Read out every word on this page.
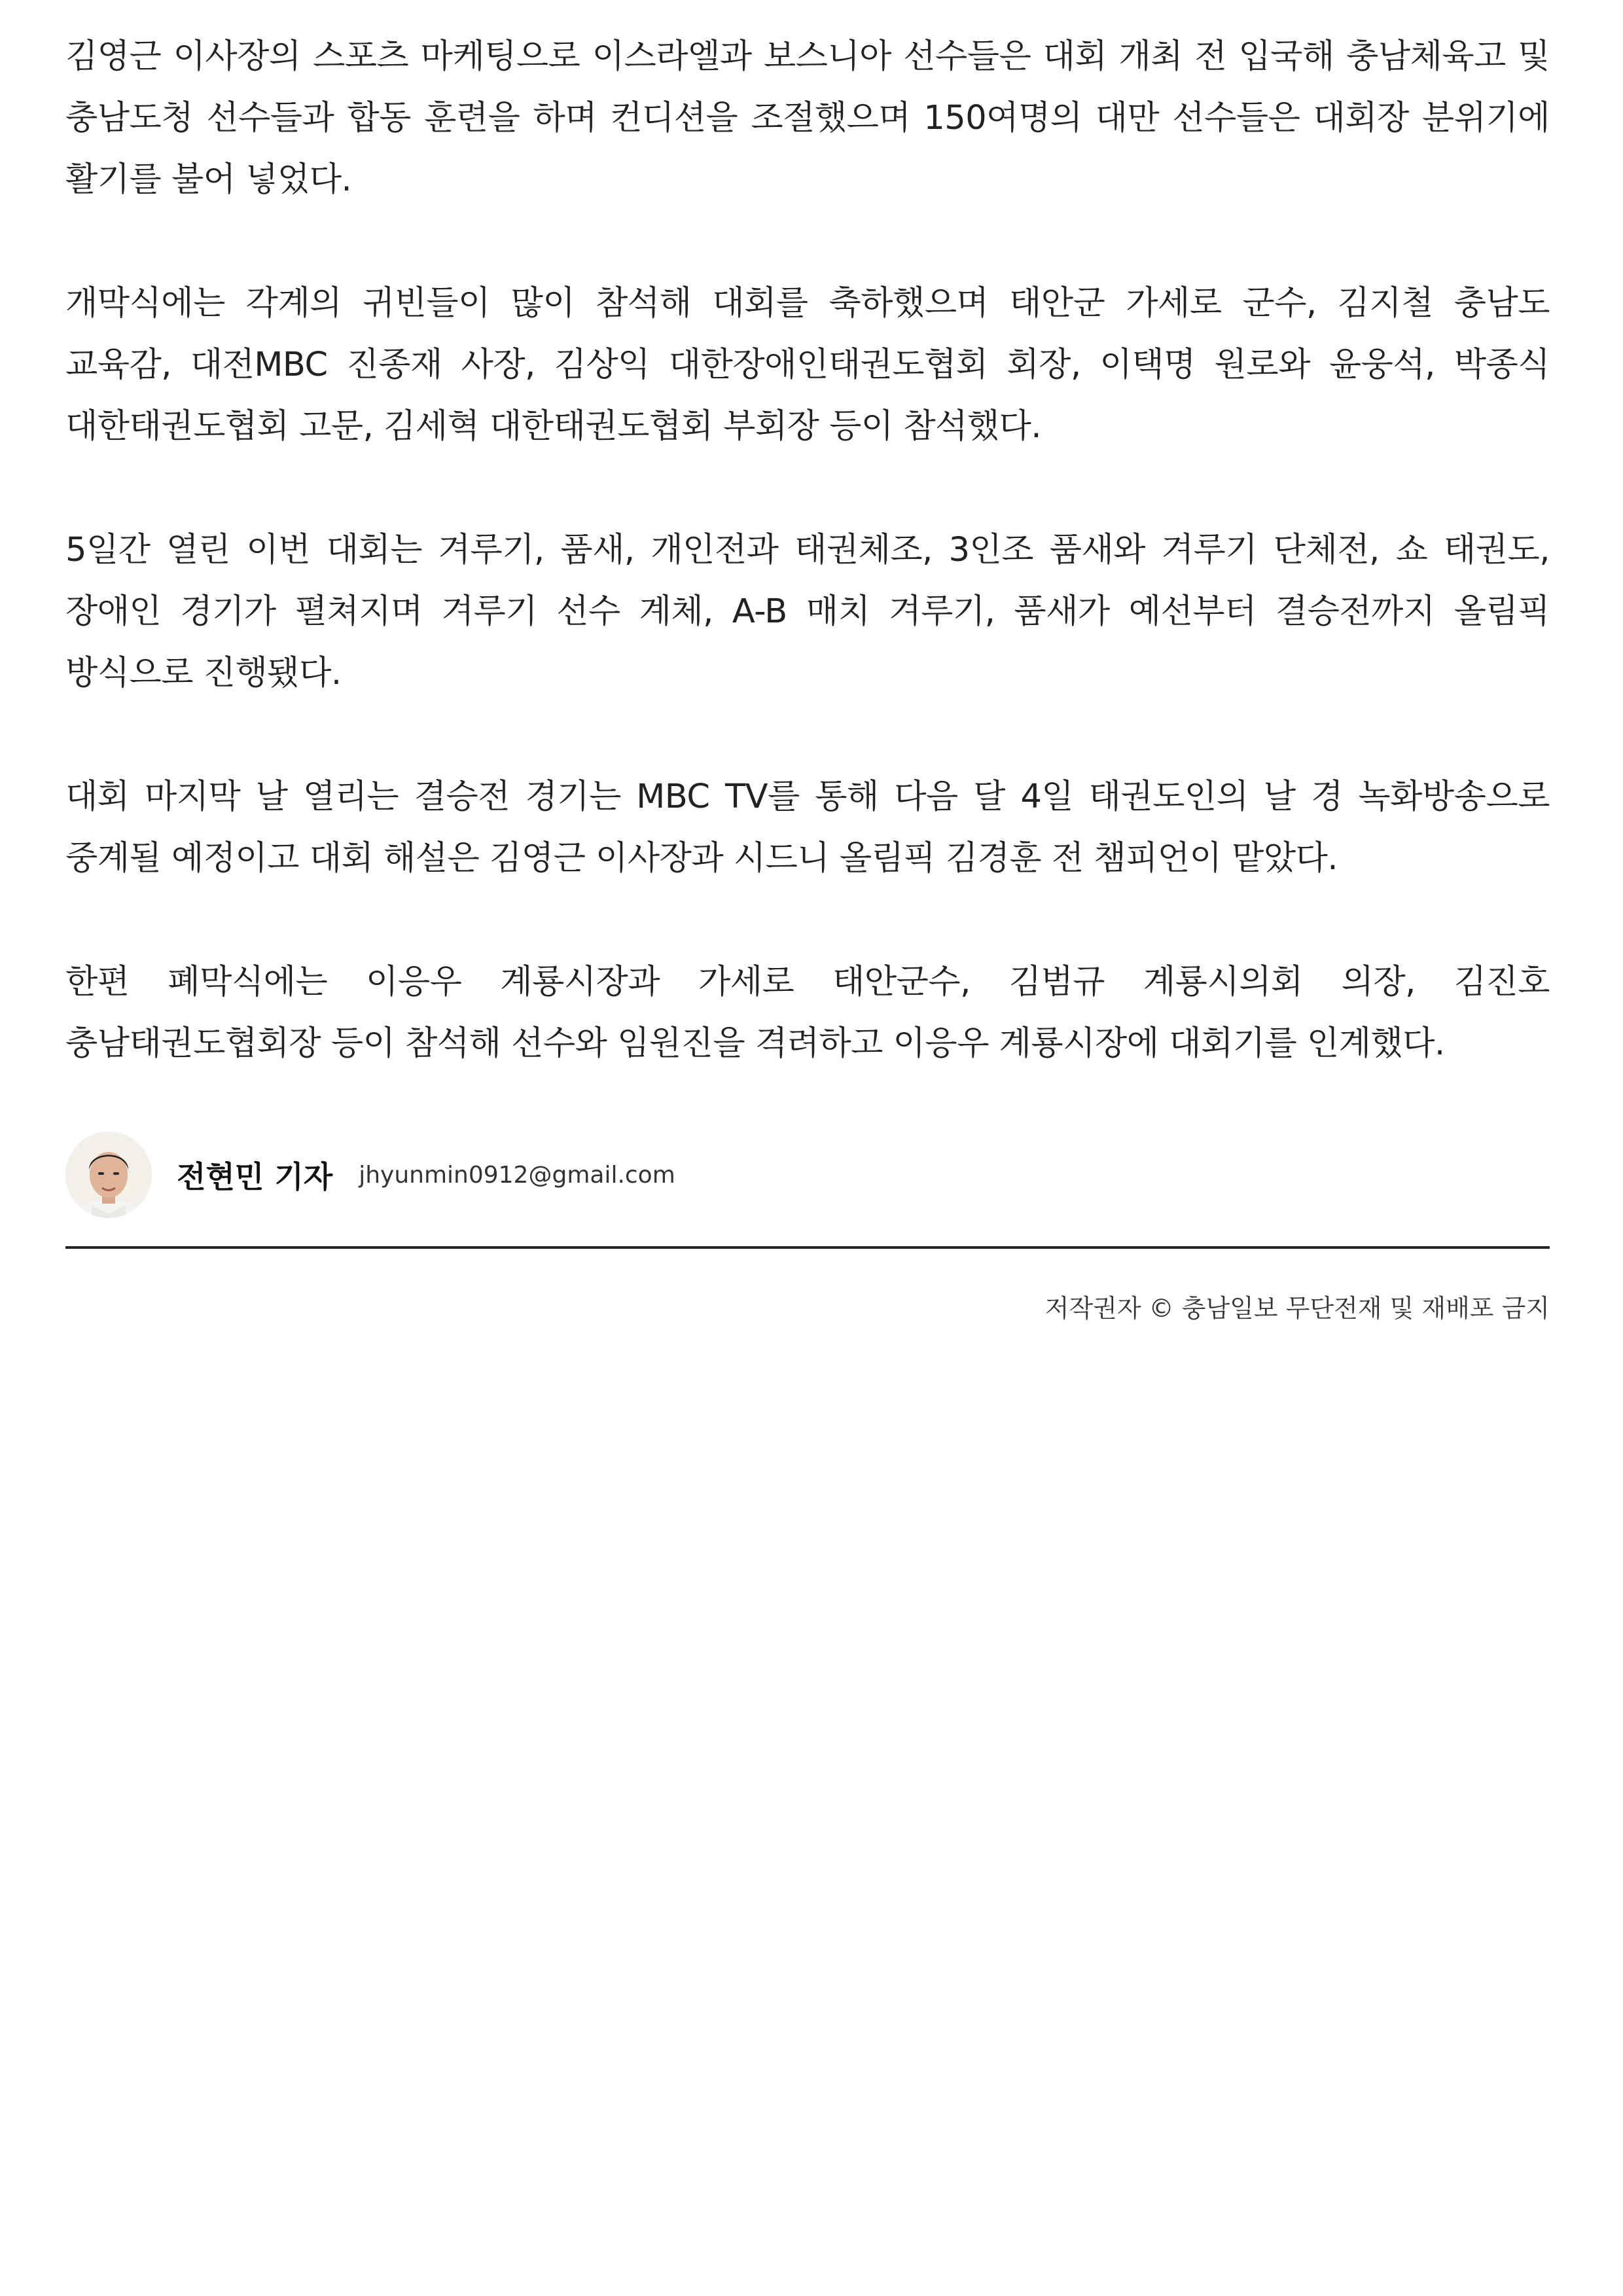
김영근 이사장의 스포츠 마케팅으로 이스라엘과 보스니아 선수들은 대회 개최 전 입국해 충남체육고 및 충남도청 선수들과 합동 훈련을 하며 컨디션을 조절했으며 150여명의 대만 선수들은 대회장 분위기에 활기를 불어 넣었다.

개막식에는 각계의 귀빈들이 많이 참석해 대회를 축하했으며 태안군 가세로 군수, 김지철 충남도 교육감, 대전MBC 진종재 사장, 김상익 대한장애인태권도협회 회장, 이택명 원로와 윤웅석, 박종식 대한태권도협회 고문, 김세혁 대한태권도협회 부회장 등이 참석했다.

5일간 열린 이번 대회는 겨루기, 품새, 개인전과 태권체조, 3인조 품새와 겨루기 단체전, 쇼 태권도, 장애인 경기가 펼쳐지며 겨루기 선수 계체, A-B 매치 겨루기, 품새가 예선부터 결승전까지 올림픽 방식으로 진행됐다.

대회 마지막 날 열리는 결승전 경기는 MBC TV를 통해 다음 달 4일 태권도인의 날 경 녹화방송으로 중계될 예정이고 대회 해설은 김영근 이사장과 시드니 올림픽 김경훈 전 챔피언이 맡았다.

한편 폐막식에는 이응우 계룡시장과 가세로 태안군수, 김범규 계룡시의회 의장, 김진호 충남태권도협회장 등이 참석해 선수와 임원진을 격려하고 이응우 계룡시장에 대회기를 인계했다.

전현민 기자 jhyunmin0912@gmail.com
저작권자 © 충남일보 무단전재 및 재배포 금지
